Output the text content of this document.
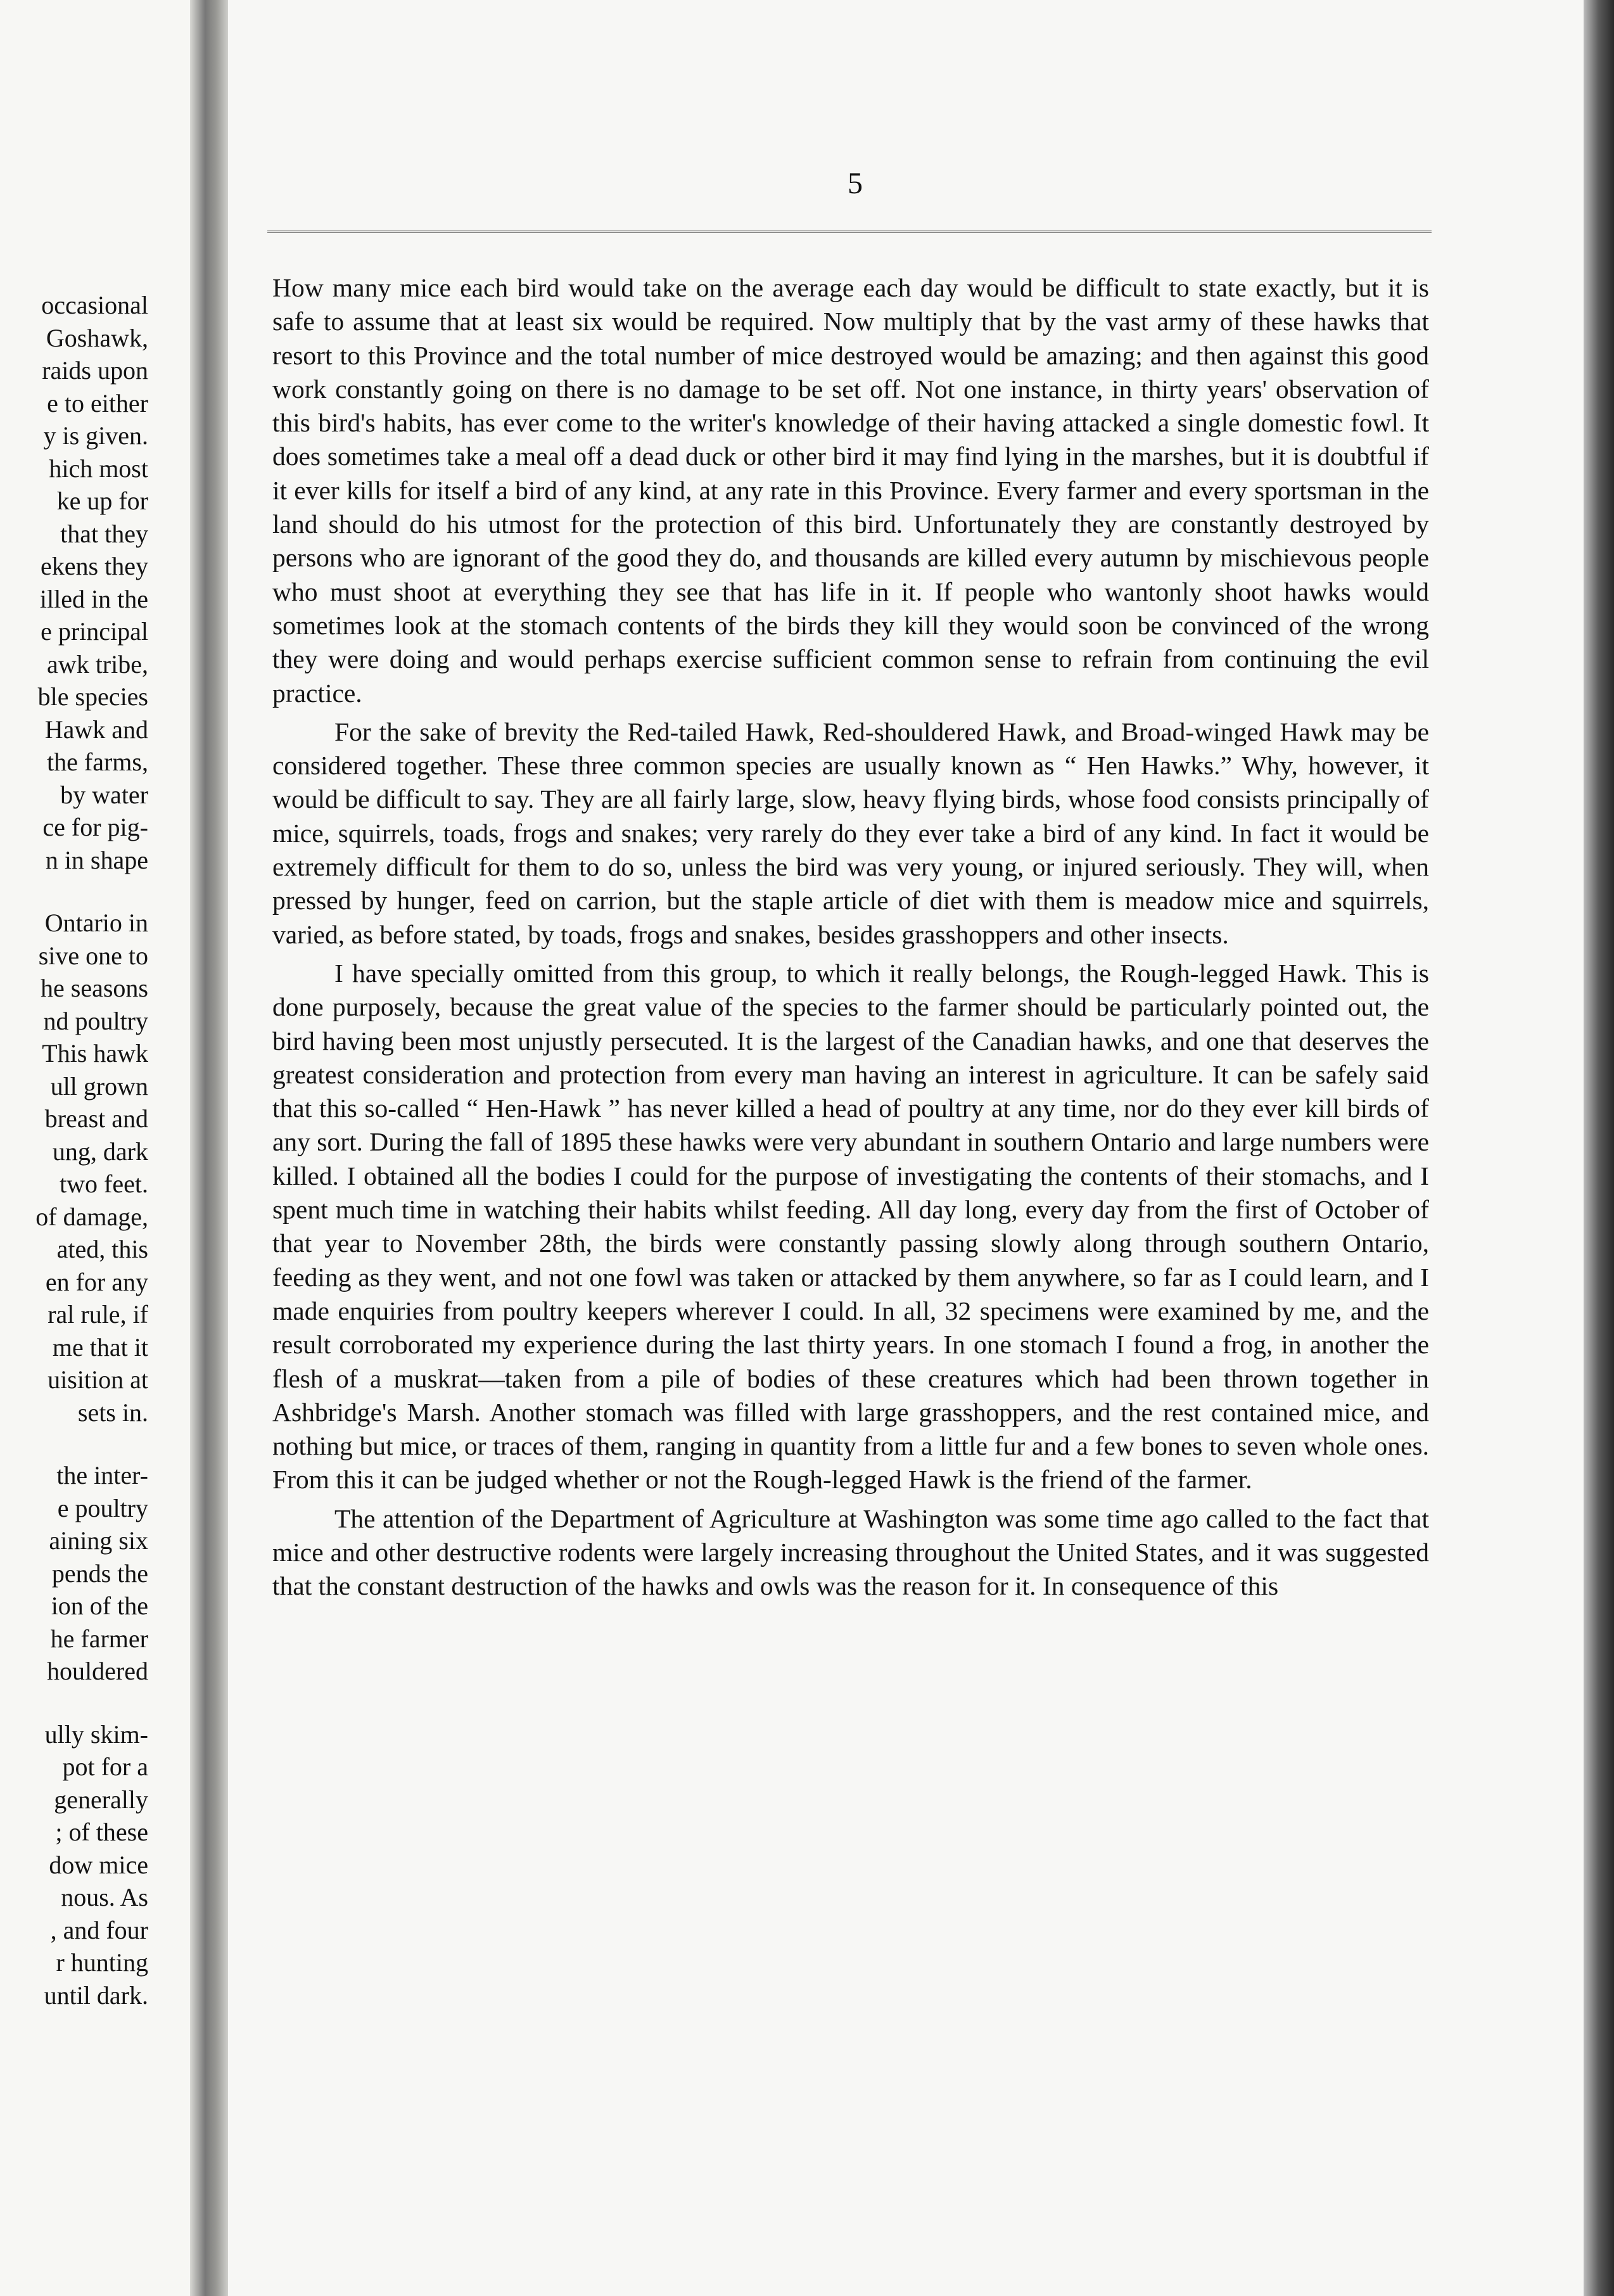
occasional
Goshawk,
raids upon
e to either
y is given.
hich most
ke up for
that they
ekens they
illed in the
e principal
awk tribe,
ble species
Hawk and
the farms,
by water
ce for pig-
n in shape
Ontario in
sive one to
he seasons
nd poultry
This hawk
ull grown
breast and
ung, dark
two feet.
of damage,
ated, this
en for any
ral rule, if
me that it
uisition at
sets in.
the inter-
e poultry
aining six
pends the
ion of the
he farmer
houldered
ully skim-
pot for a
generally
; of these
dow mice
nous. As
, and four
r hunting
until dark.
5

How many mice each bird would take on the average each day would be difficult to state exactly, but it is safe to assume that at least six would be required. Now multiply that by the vast army of these hawks that resort to this Province and the total number of mice destroyed would be amazing; and then against this good work constantly going on there is no damage to be set off. Not one instance, in thirty years' observation of this bird's habits, has ever come to the writer's knowledge of their having attacked a single domestic fowl. It does sometimes take a meal off a dead duck or other bird it may find lying in the marshes, but it is doubtful if it ever kills for itself a bird of any kind, at any rate in this Province. Every farmer and every sportsman in the land should do his utmost for the protection of this bird. Unfortunately they are constantly destroyed by persons who are ignorant of the good they do, and thousands are killed every autumn by mischievous people who must shoot at everything they see that has life in it. If people who wantonly shoot hawks would sometimes look at the stomach contents of the birds they kill they would soon be convinced of the wrong they were doing and would perhaps exercise sufficient common sense to refrain from continuing the evil practice.

For the sake of brevity the Red-tailed Hawk, Red-shouldered Hawk, and Broad-winged Hawk may be considered together. These three common species are usually known as “ Hen Hawks.” Why, however, it would be difficult to say. They are all fairly large, slow, heavy flying birds, whose food consists principally of mice, squirrels, toads, frogs and snakes; very rarely do they ever take a bird of any kind. In fact it would be extremely difficult for them to do so, unless the bird was very young, or injured seriously. They will, when pressed by hunger, feed on carrion, but the staple article of diet with them is meadow mice and squirrels, varied, as before stated, by toads, frogs and snakes, besides grasshoppers and other insects.

I have specially omitted from this group, to which it really belongs, the Rough-legged Hawk. This is done purposely, because the great value of the species to the farmer should be particularly pointed out, the bird having been most unjustly persecuted. It is the largest of the Canadian hawks, and one that deserves the greatest consideration and protection from every man having an interest in agriculture. It can be safely said that this so-called “ Hen-Hawk ” has never killed a head of poultry at any time, nor do they ever kill birds of any sort. During the fall of 1895 these hawks were very abundant in southern Ontario and large numbers were killed. I obtained all the bodies I could for the purpose of investigating the contents of their stomachs, and I spent much time in watching their habits whilst feeding. All day long, every day from the first of October of that year to November 28th, the birds were constantly passing slowly along through southern Ontario, feeding as they went, and not one fowl was taken or attacked by them anywhere, so far as I could learn, and I made enquiries from poultry keepers wherever I could. In all, 32 specimens were examined by me, and the result corroborated my experience during the last thirty years. In one stomach I found a frog, in another the flesh of a muskrat—taken from a pile of bodies of these creatures which had been thrown together in Ashbridge's Marsh. Another stomach was filled with large grasshoppers, and the rest contained mice, and nothing but mice, or traces of them, ranging in quantity from a little fur and a few bones to seven whole ones. From this it can be judged whether or not the Rough-legged Hawk is the friend of the farmer.

The attention of the Department of Agriculture at Washington was some time ago called to the fact that mice and other destructive rodents were largely increasing throughout the United States, and it was suggested that the constant destruction of the hawks and owls was the reason for it. In consequence of this
